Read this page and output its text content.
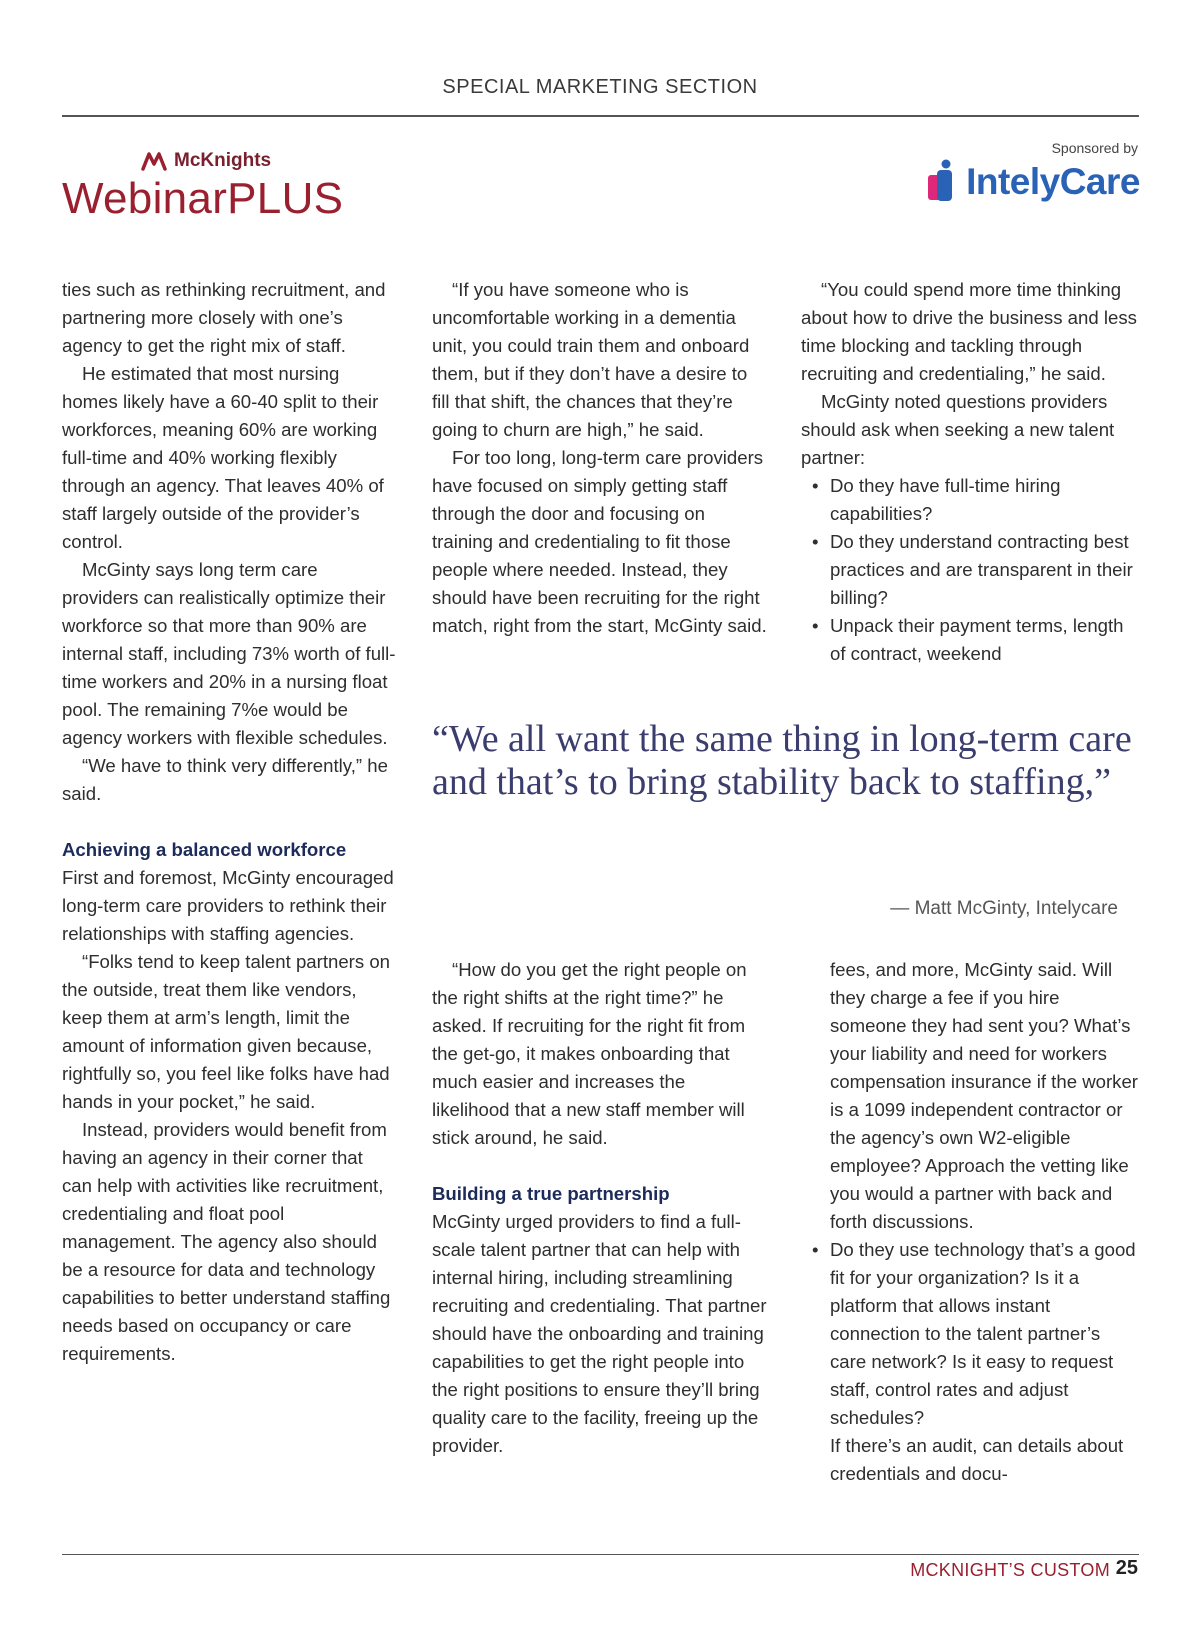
SPECIAL MARKETING SECTION
McKnights
WebinarPLUS
Sponsored by
IntelyCare

ties such as rethinking recruitment, and partnering more closely with one’s agency to get the right mix of staff.

He estimated that most nursing homes likely have a 60-40 split to their workforces, meaning 60% are working full-time and 40% working flexibly through an agency. That leaves 40% of staff largely outside of the provider’s control.

McGinty says long term care providers can realistically optimize their workforce so that more than 90% are internal staff, including 73% worth of full-time workers and 20% in a nursing float pool. The remaining 7%e would be agency workers with flexible schedules.

“We have to think very differently,” he said.

Achieving a balanced workforce

First and foremost, McGinty encouraged long-term care providers to rethink their relationships with staffing agencies.

“Folks tend to keep talent partners on the outside, treat them like vendors, keep them at arm’s length, limit the amount of information given because, rightfully so, you feel like folks have had hands in your pocket,” he said.

Instead, providers would benefit from having an agency in their corner that can help with activities like recruitment, credentialing and float pool management. The agency also should be a resource for data and technology capabilities to better understand staffing needs based on occupancy or care requirements.

“If you have someone who is uncomfortable working in a dementia unit, you could train them and onboard them, but if they don’t have a desire to fill that shift, the chances that they’re going to churn are high,” he said.

For too long, long-term care providers have focused on simply getting staff through the door and focusing on training and credentialing to fit those people where needed. Instead, they should have been recruiting for the right match, right from the start, McGinty said.

“You could spend more time thinking about how to drive the business and less time blocking and tackling through recruiting and credentialing,” he said.

McGinty noted questions providers should ask when seeking a new talent partner:

• Do they have full-time hiring capabilities?
• Do they understand contracting best practices and are transparent in their billing?
• Unpack their payment terms, length of contract, weekend
“We all want the same thing in long-term care and that’s to bring stability back to staffing,”
— Matt McGinty, Intelycare

“How do you get the right people on the right shifts at the right time?” he asked. If recruiting for the right fit from the get-go, it makes onboarding that much easier and increases the likelihood that a new staff member will stick around, he said.

Building a true partnership

McGinty urged providers to find a full-scale talent partner that can help with internal hiring, including streamlining recruiting and credentialing. That partner should have the onboarding and training capabilities to get the right people into the right positions to ensure they’ll bring quality care to the facility, freeing up the provider.

fees, and more, McGinty said. Will they charge a fee if you hire someone they had sent you? What’s your liability and need for workers compensation insurance if the worker is a 1099 independent contractor or the agency’s own W2-eligible employee? Approach the vetting like you would a partner with back and forth discussions.

• Do they use technology that’s a good fit for your organization? Is it a platform that allows instant connection to the talent partner’s care network? Is it easy to request staff, control rates and adjust schedules?

If there’s an audit, can details about credentials and docu-

MCKNIGHT’S CUSTOM 25
